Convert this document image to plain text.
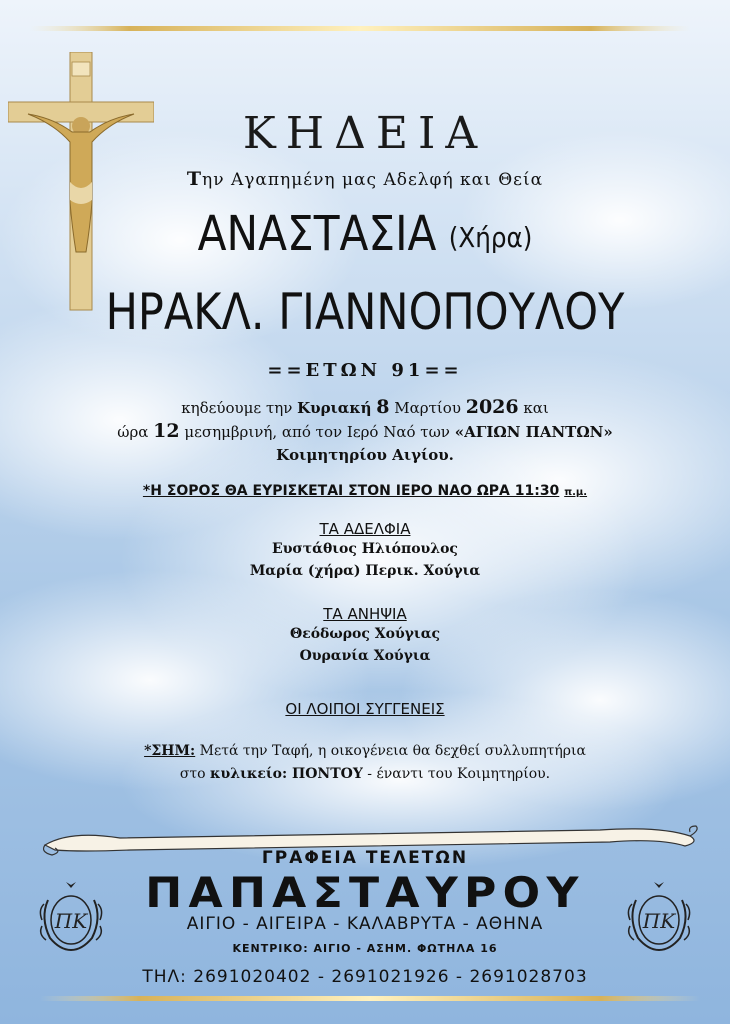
ΚΗΔΕΙΑ
Την Αγαπημένη μας Αδελφή και Θεία
ΑΝΑΣΤΑΣΙΑ (Χήρα)
ΗΡΑΚΛ. ΓΙΑΝΝΟΠΟΥΛΟΥ
==ΕΤΩΝ 91==
κηδεύουμε την Κυριακή 8 Μαρτίου 2026 και
ώρα 12 μεσημβρινή, από τον Ιερό Ναό των «ΑΓΙΩΝ ΠΑΝΤΩΝ»
Κοιμητηρίου Αιγίου.
*Η ΣΟΡΟΣ ΘΑ ΕΥΡΙΣΚΕΤΑΙ ΣΤΟΝ ΙΕΡΟ ΝΑΟ ΩΡΑ 11:30 π.μ.
ΤΑ ΑΔΕΛΦΙΑ
Ευστάθιος Ηλιόπουλος
Μαρία (χήρα) Περικ. Χούγια
ΤΑ ΑΝΗΨΙΑ
Θεόδωρος Χούγιας
Ουρανία Χούγια
ΟΙ ΛΟΙΠΟΙ ΣΥΓΓΕΝΕΙΣ
*ΣΗΜ: Μετά την Ταφή, η οικογένεια θα δεχθεί συλλυπητήρια
στο κυλικείο: ΠΟΝΤΟΥ - έναντι του Κοιμητηρίου.
ΓΡΑΦΕΙΑ ΤΕΛΕΤΩΝ
ΠΑΠΑΣΤΑΥΡΟΥ
ΑΙΓΙΟ - ΑΙΓΕΙΡΑ - ΚΑΛΑΒΡΥΤΑ - ΑΘΗΝΑ
ΚΕΝΤΡΙΚΟ: ΑΙΓΙΟ - ΑΣΗΜ. ΦΩΤΗΛΑ 16
ΤΗΛ: 2691020402 - 2691021926 - 2691028703
ΠΚ	ΠΚ
